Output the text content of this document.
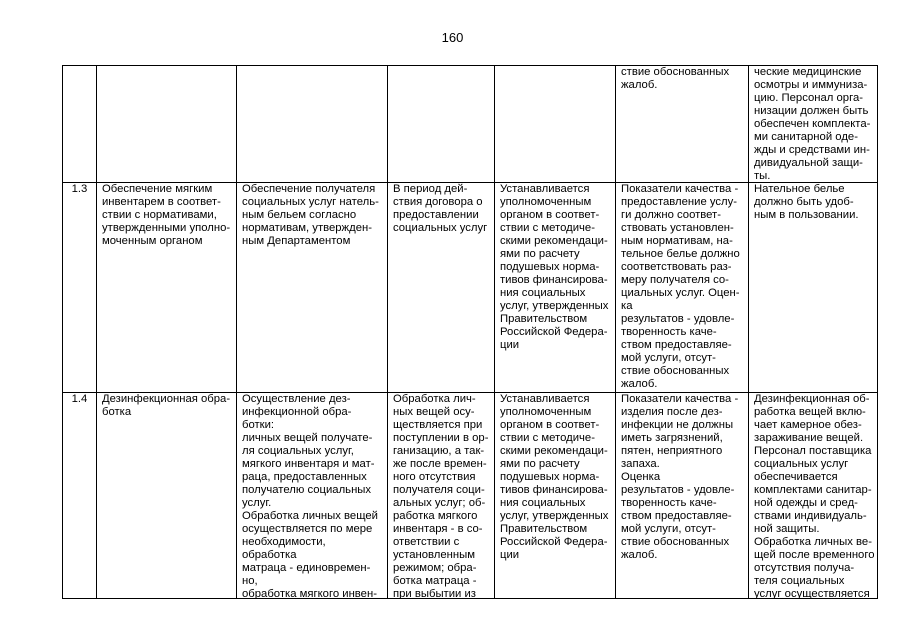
160
ствие обоснованных
жалоб.
ческие медицинские
осмотры и иммуниза-
цию. Персонал орга-
низации должен быть
обеспечен комплекта-
ми санитарной оде-
жды и средствами ин-
дивидуальной защи-
ты.
1.3	Обеспечение мягким
инвентарем в соответ-
ствии с нормативами,
утвержденными уполно-
моченным органом
Обеспечение получателя
социальных услуг натель-
ным бельем согласно
нормативам, утвержден-
ным Департаментом
В период дей-
ствия договора о
предоставлении
социальных услуг
Устанавливается
уполномоченным
органом в соответ-
ствии с методиче-
скими рекомендаци-
ями по расчету
подушевых норма-
тивов финансирова-
ния социальных
услуг, утвержденных
Правительством
Российской Федера-
ции
Показатели качества -
предоставление услу-
ги должно соответ-
ствовать установлен-
ным нормативам, на-
тельное белье должно
соответствовать раз-
меру получателя со-
циальных услуг. Оцен-
ка
результатов - удовле-
творенность каче-
ством предоставляе-
мой услуги, отсут-
ствие обоснованных
жалоб.
Нательное белье
должно быть удоб-
ным в пользовании.
1.4	Дезинфекционная обра-
ботка
Осуществление дез-
инфекционной обра-
ботки:
личных вещей получате-
ля социальных услуг,
мягкого инвентаря и мат-
раца, предоставленных
получателю социальных
услуг.
Обработка личных вещей
осуществляется по мере
необходимости,
обработка
матраца - единовремен-
но,
обработка мягкого инвен-
Обработка лич-
ных вещей осу-
ществляется при
поступлении в ор-
ганизацию, а так-
же после времен-
ного отсутствия
получателя соци-
альных услуг; об-
работка мягкого
инвентаря - в со-
ответствии с
установленным
режимом; обра-
ботка матраца -
при выбытии из
Устанавливается
уполномоченным
органом в соответ-
ствии с методиче-
скими рекомендаци-
ями по расчету
подушевых норма-
тивов финансирова-
ния социальных
услуг, утвержденных
Правительством
Российской Федера-
ции
Показатели качества -
изделия после дез-
инфекции не должны
иметь загрязнений,
пятен, неприятного
запаха.
Оценка
результатов - удовле-
творенность каче-
ством предоставляе-
мой услуги, отсут-
ствие обоснованных
жалоб.
Дезинфекционная об-
работка вещей вклю-
чает камерное обез-
зараживание вещей.
Персонал поставщика
социальных услуг
обеспечивается
комплектами санитар-
ной одежды и сред-
ствами индивидуаль-
ной защиты.
Обработка личных ве-
щей после временного
отсутствия получа-
теля социальных
услуг осуществляется
